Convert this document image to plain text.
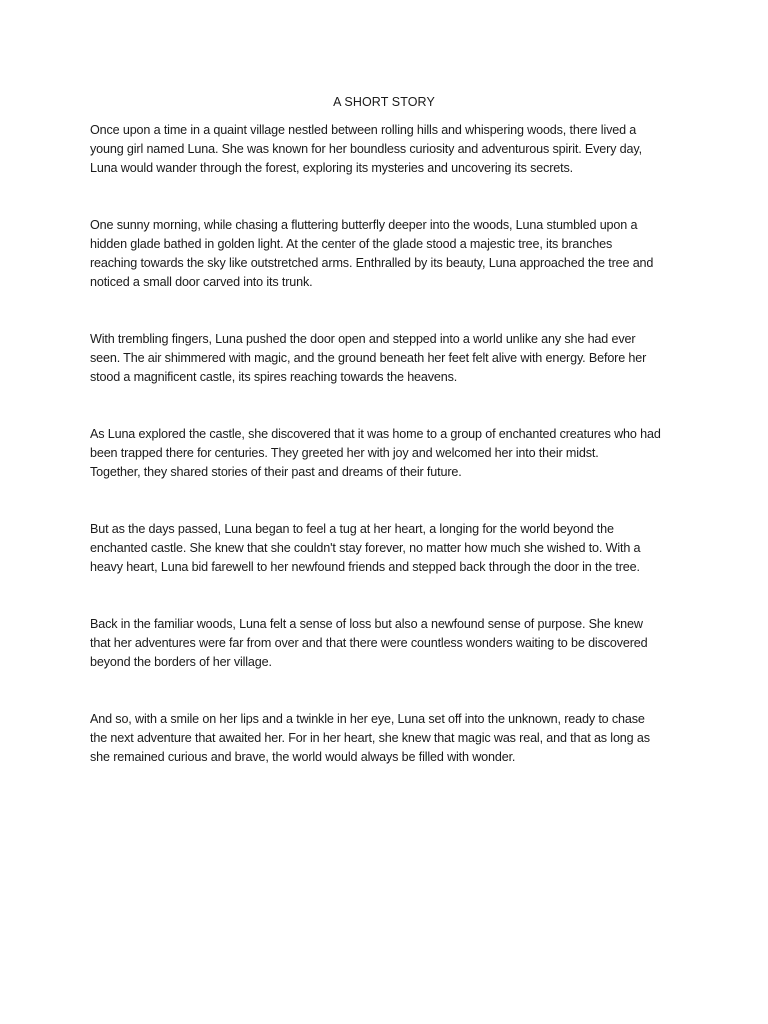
A SHORT STORY

Once upon a time in a quaint village nestled between rolling hills and whispering woods, there lived a
young girl named Luna. She was known for her boundless curiosity and adventurous spirit. Every day,
Luna would wander through the forest, exploring its mysteries and uncovering its secrets.

One sunny morning, while chasing a fluttering butterfly deeper into the woods, Luna stumbled upon a
hidden glade bathed in golden light. At the center of the glade stood a majestic tree, its branches
reaching towards the sky like outstretched arms. Enthralled by its beauty, Luna approached the tree and
noticed a small door carved into its trunk.

With trembling fingers, Luna pushed the door open and stepped into a world unlike any she had ever
seen. The air shimmered with magic, and the ground beneath her feet felt alive with energy. Before her
stood a magnificent castle, its spires reaching towards the heavens.

As Luna explored the castle, she discovered that it was home to a group of enchanted creatures who had
been trapped there for centuries. They greeted her with joy and welcomed her into their midst.
Together, they shared stories of their past and dreams of their future.

But as the days passed, Luna began to feel a tug at her heart, a longing for the world beyond the
enchanted castle. She knew that she couldn't stay forever, no matter how much she wished to. With a
heavy heart, Luna bid farewell to her newfound friends and stepped back through the door in the tree.

Back in the familiar woods, Luna felt a sense of loss but also a newfound sense of purpose. She knew
that her adventures were far from over and that there were countless wonders waiting to be discovered
beyond the borders of her village.

And so, with a smile on her lips and a twinkle in her eye, Luna set off into the unknown, ready to chase
the next adventure that awaited her. For in her heart, she knew that magic was real, and that as long as
she remained curious and brave, the world would always be filled with wonder.
